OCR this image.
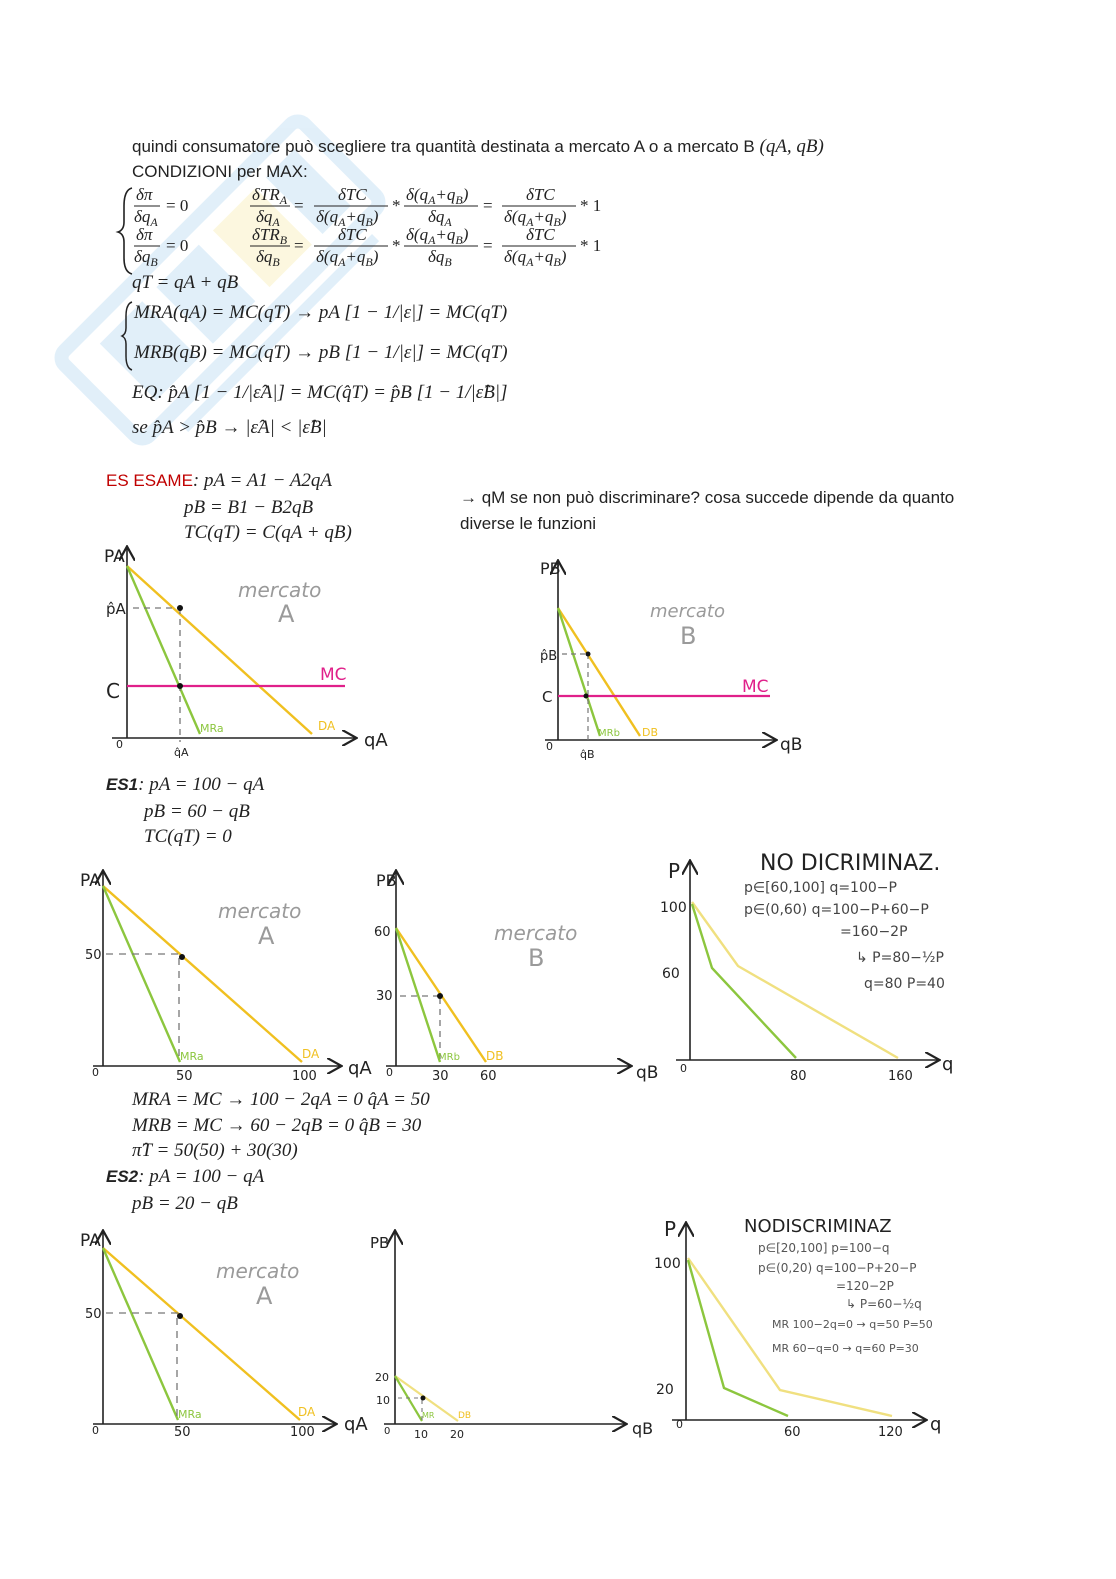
quindi consumatore può scegliere tra quantità destinata a mercato A o a mercato B (qA, qB)
CONDIZIONI per MAX:
δπ
$\delta q_A$
= 0
δTR$_A$
$\delta q_A$
=
δTC
$\delta(q_A+q_B)$
*
$\delta(q_A+q_B)$
$\delta q_A$
=
δTC
$\delta(q_A+q_B)$
* 1
δπ
$\delta q_B$
= 0
δTR$_B$
$\delta q_B$
=
δTC
$\delta(q_A+q_B)$
*
$\delta(q_A+q_B)$
$\delta q_B$
=
δTC
$\delta(q_A+q_B)$
* 1
qT = qA + qB
MRA(qA) = MC(qT) → pA [1 − 1/|ε|] = MC(qT)
MRB(qB) = MC(qT) → pB [1 − 1/|ε|] = MC(qT)
EQ: p̂A [1 − 1/|ε̂A|] = MC(q̂T) = p̂B [1 − 1/|ε̂B|]
se p̂A > p̂B → |ε̂A| < |ε̂B|
ES ESAME: pA = A1 − A2qA
pB = B1 − B2qB
TC(qT) = C(qA + qB)
→ qM se non può discriminare? cosa succede dipende da quanto
diverse le funzioni
PA
p̂A
C
0
q̂A
qA
mercato
A
MC
MRa	DA
PB
p̂B
C
0
q̂B	qB
mercato
B
MC
MRb DB
PA
50
0	50	100 qA
mercato
A
MRa	DA
PB
60
30
0	30 60	qB
mercato
B
MRb DB
P
100
60
0
80	160
q
NO DICRIMINAZ.
p∈[60,100] q=100−P
p∈(0,60) q=100−P+60−P
=160−2P
↳ P=80−½P
q=80 P=40
PA
50
0	50	100 qA
mercato
A
MRa	DA
PB
20
10
0 10 20	qB
MR	DB
P
100
20
0
60	120 q
NODISCRIMINAZ
p∈[20,100] p=100−q
p∈(0,20) q=100−P+20−P
=120−2P
↳ P=60−½q
MR 100−2q=0 → q=50 P=50
MR 60−q=0 → q=60 P=30
ES1: pA = 100 − qA
pB = 60 − qB
TC(qT) = 0
MRA = MC → 100 − 2qA = 0 q̂A = 50
MRB = MC → 60 − 2qB = 0 q̂B = 30
π̂T = 50(50) + 30(30)
ES2: pA = 100 − qA
pB = 20 − qB
